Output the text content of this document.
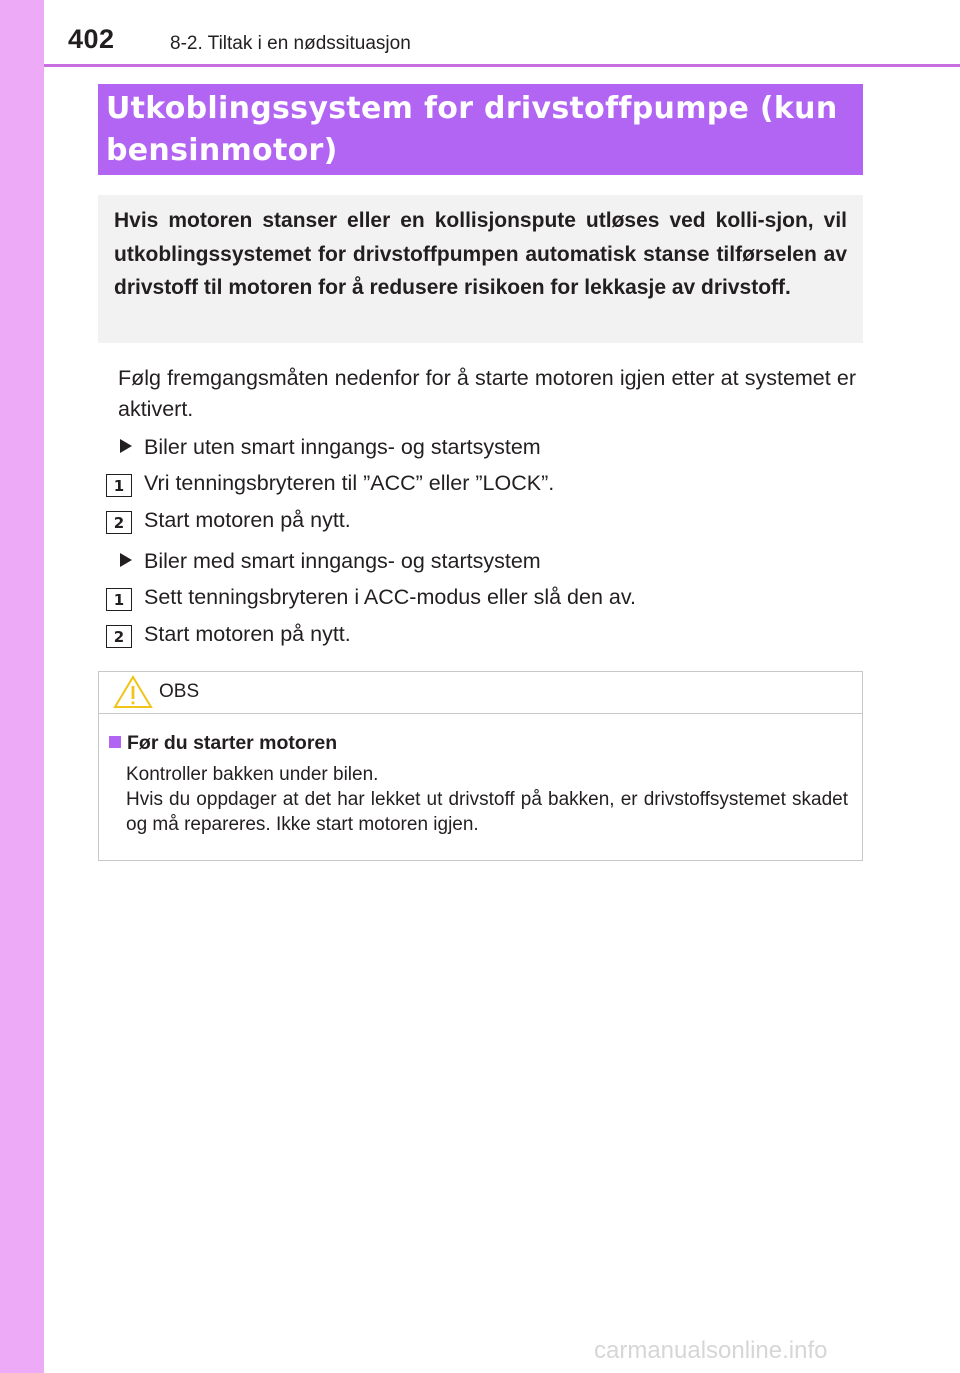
402	8-2. Tiltak i en nødssituasjon
Utkoblingssystem for drivstoffpumpe (kun bensinmotor)
Hvis motoren stanser eller en kollisjonspute utløses ved kolli-sjon, vil utkoblingssystemet for drivstoffpumpen automatisk stanse tilførselen av drivstoff til motoren for å redusere risikoen for lekkasje av drivstoff.
Følg fremgangsmåten nedenfor for å starte motoren igjen etter at systemet er aktivert.
Biler uten smart inngangs- og startsystem
1 Vri tenningsbryteren til ”ACC” eller ”LOCK”.
2 Start motoren på nytt.
Biler med smart inngangs- og startsystem
1 Sett tenningsbryteren i ACC-modus eller slå den av.
2 Start motoren på nytt.
OBS
Før du starter motoren

Kontroller bakken under bilen.

Hvis du oppdager at det har lekket ut drivstoff på bakken, er drivstoffsystemet skadet og må repareres. Ikke start motoren igjen.

carmanualsonline.info
